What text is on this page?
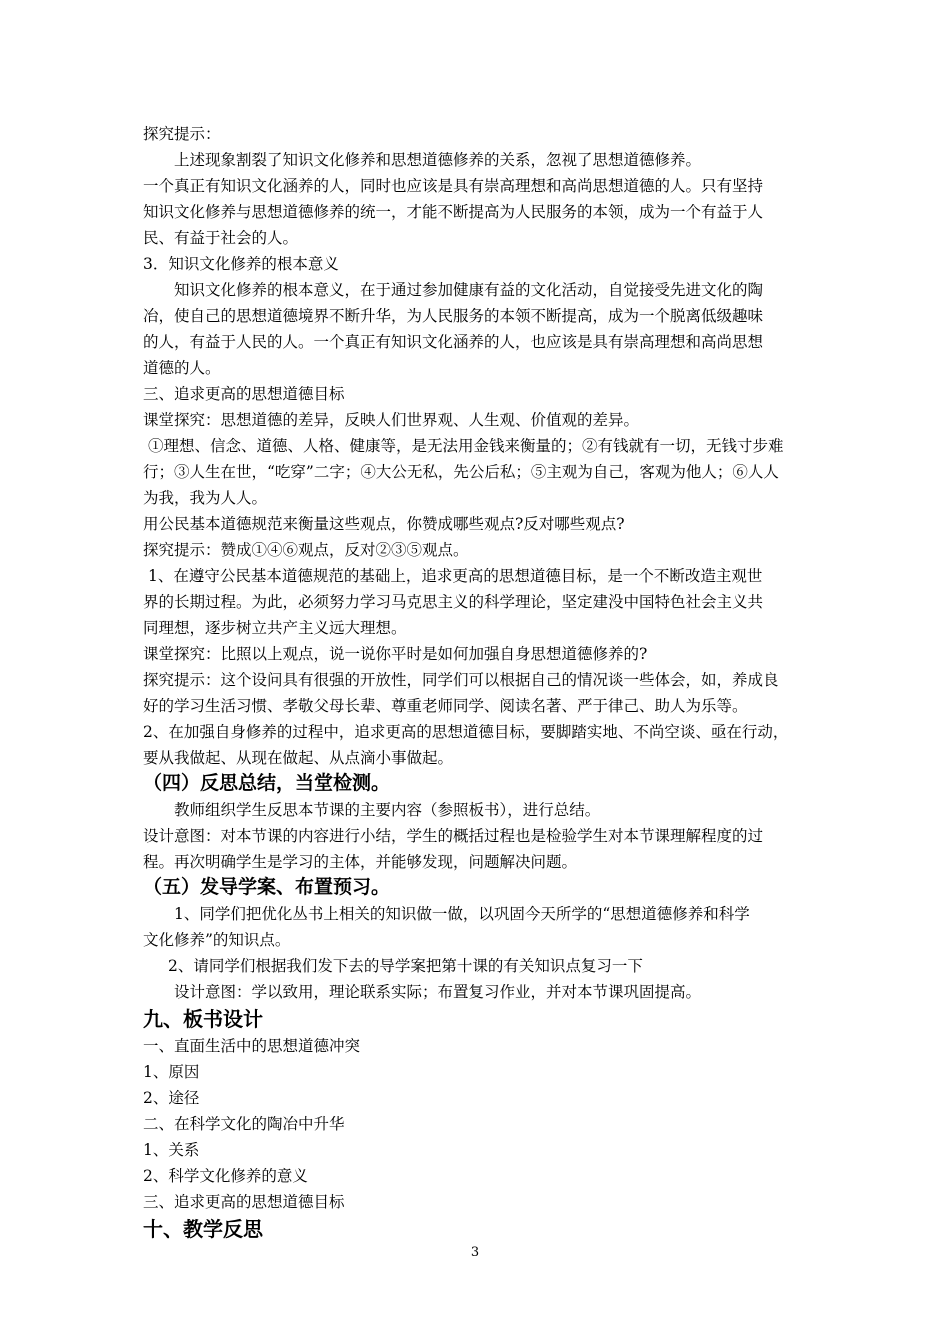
探究提示：
上述现象割裂了知识文化修养和思想道德修养的关系，忽视了思想道德修养。
一个真正有知识文化涵养的人，同时也应该是具有崇高理想和高尚思想道德的人。只有坚持
知识文化修养与思想道德修养的统一，才能不断提高为人民服务的本领，成为一个有益于人
民、有益于社会的人。
3．知识文化修养的根本意义
知识文化修养的根本意义，在于通过参加健康有益的文化活动，自觉接受先进文化的陶
冶，使自己的思想道德境界不断升华，为人民服务的本领不断提高，成为一个脱离低级趣味
的人，有益于人民的人。一个真正有知识文化涵养的人，也应该是具有崇高理想和高尚思想
道德的人。
三、追求更高的思想道德目标
课堂探究：思想道德的差异，反映人们世界观、人生观、价值观的差异。
①理想、信念、道德、人格、健康等，是无法用金钱来衡量的；②有钱就有一切，无钱寸步难
行；③人生在世，“吃穿”二字；④大公无私，先公后私；⑤主观为自己，客观为他人；⑥人人
为我，我为人人。
用公民基本道德规范来衡量这些观点，你赞成哪些观点?反对哪些观点?
探究提示：赞成①④⑥观点，反对②③⑤观点。
1、在遵守公民基本道德规范的基础上，追求更高的思想道德目标，是一个不断改造主观世
界的长期过程。为此，必须努力学习马克思主义的科学理论，坚定建没中国特色社会主义共
同理想，逐步树立共产主义远大理想。
课堂探究：比照以上观点，说一说你平时是如何加强自身思想道德修养的?
探究提示：这个设问具有很强的开放性，同学们可以根据自己的情况谈一些体会，如，养成良
好的学习生活习惯、孝敬父母长辈、尊重老师同学、阅读名著、严于律己、助人为乐等。
2、在加强自身修养的过程中，追求更高的思想道德目标，要脚踏实地、不尚空谈、亟在行动，
要从我做起、从现在做起、从点滴小事做起。
（四）反思总结，当堂检测。
教师组织学生反思本节课的主要内容（参照板书），进行总结。
设计意图：对本节课的内容进行小结，学生的概括过程也是检验学生对本节课理解程度的过
程。再次明确学生是学习的主体，并能够发现，问题解决问题。
（五）发导学案、布置预习。
1、同学们把优化丛书上相关的知识做一做，以巩固今天所学的“思想道德修养和科学
文化修养”的知识点。
2、请同学们根据我们发下去的导学案把第十课的有关知识点复习一下
设计意图：学以致用，理论联系实际；布置复习作业，并对本节课巩固提高。
九、板书设计
一、直面生活中的思想道德冲突
1、原因
2、途径
二、在科学文化的陶冶中升华
1、关系
2、科学文化修养的意义
三、追求更高的思想道德目标
十、教学反思
3
